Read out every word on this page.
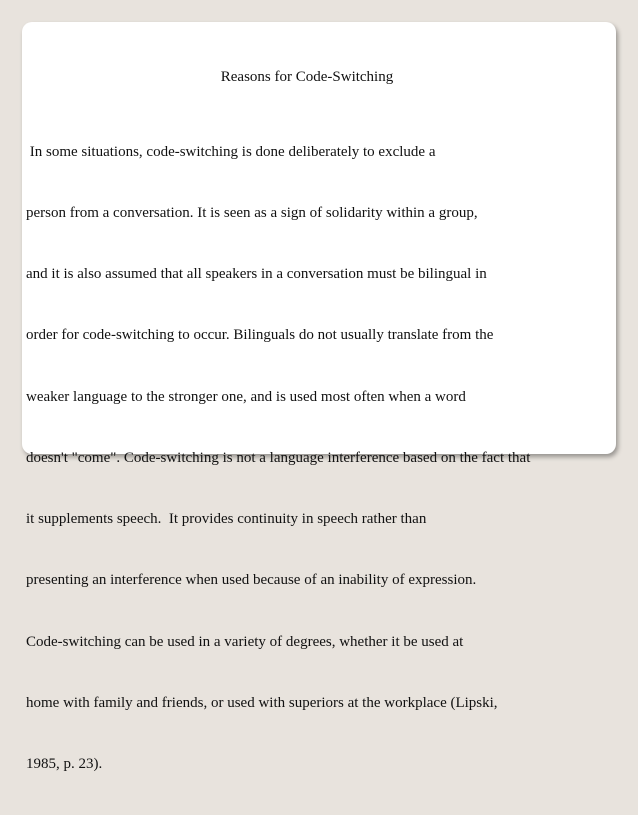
Reasons for Code-Switching

In some situations, code-switching is done deliberately to exclude a

person from a conversation. It is seen as a sign of solidarity within a group,

and it is also assumed that all speakers in a conversation must be bilingual in

order for code-switching to occur. Bilinguals do not usually translate from the

weaker language to the stronger one, and is used most often when a word

doesn't "come". Code-switching is not a language interference based on the fact that

it supplements speech.  It provides continuity in speech rather than

presenting an interference when used because of an inability of expression.

Code-switching can be used in a variety of degrees, whether it be used at

home with family and friends, or used with superiors at the workplace (Lipski,

1985, p. 23).
